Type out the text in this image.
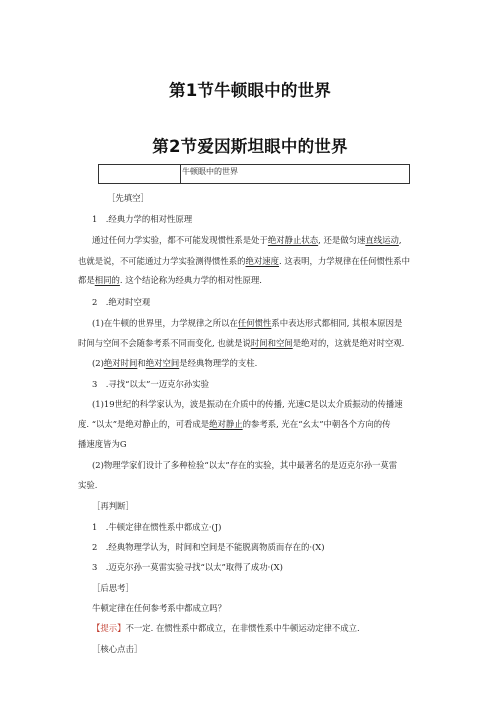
第1节牛顿眼中的世界
第2节爱因斯坦眼中的世界
牛顿眼中的世界
［先填空］
1　.经典力学的相对性原理
通过任何力学实验，都不可能发现惯性系是处于绝对静止状态, 还是做匀速直线运动,
也就是说，不可能通过力学实验测得惯性系的绝对速度. 这表明，力学规律在任何惯性系中
都是相同的. 这个结论称为经典力学的相对性原理.
2　.绝对时空观
(1)在牛顿的世界里，力学规律之所以在任何惯性系中表达形式都相同, 其根本原因是
时间与空间不会随参考系不同而变化, 也就是说时间和空间是绝对的，这就是绝对时空观.
(2)绝对时间和绝对空间是经典物理学的支柱.
3　.寻找“以太”一迈克尔孙实验
(1)19世纪的科学家认为，波是振动在介质中的传播, 光速C是以太介质振动的传播速
度. “以太”是绝对静止的，可看成是绝对静止的参考系, 光在“幺太”中朝各个方向的传
播速度皆为G
(2)物理学家们设计了多种检验“以太”存在的实验，其中最著名的是迈克尔孙一莫雷
实验.
［再判断］
1　.牛顿定律在惯性系中都成立·(J)
2　.经典物理学认为，时间和空间是不能脱离物质而存在的·(X)
3　.迈克尔孙一莫雷实验寻找“以太”取得了成功·(X)
［后思考］
牛顿定律在任何参考系中都成立吗？
【提示】不一定. 在惯性系中都成立，在非惯性系中牛顿运动定律不成立.
［核心点击］
